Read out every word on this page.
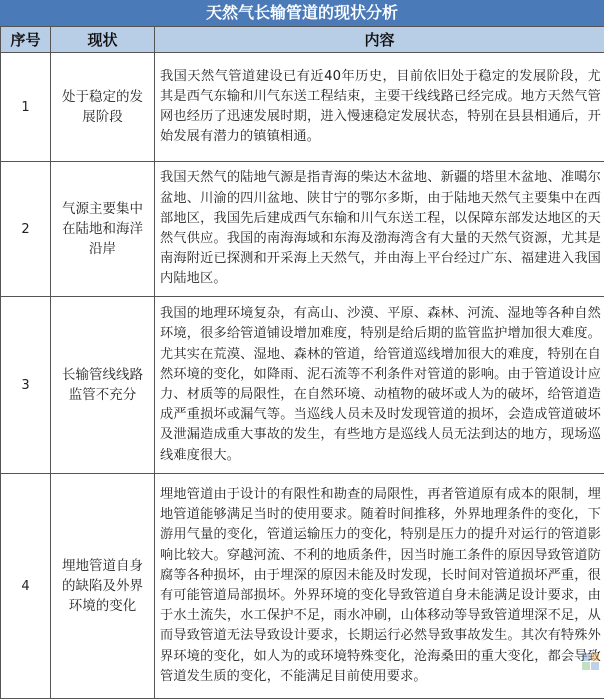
天然气长输管道的现状分析
序号	现状	内容
1	处于稳定的发展阶段	我国天然气管道建设已有近40年历史，目前依旧处于稳定的发展阶段，尤其是西气东输和川气东送工程结束，主要干线线路已经完成。地方天然气管网也经历了迅速发展时期，进入慢速稳定发展状态，特别在县县相通后，开始发展有潜力的镇镇相通。
2	气源主要集中在陆地和海洋沿岸	我国天然气的陆地气源是指青海的柴达木盆地、新疆的塔里木盆地、准噶尔盆地、川渝的四川盆地、陕甘宁的鄂尔多斯，由于陆地天然气主要集中在西部地区，我国先后建成西气东输和川气东送工程，以保障东部发达地区的天然气供应。我国的南海海域和东海及渤海湾含有大量的天然气资源，尤其是南海附近已探测和开采海上天然气，并由海上平台经过广东、福建进入我国内陆地区。
3	长输管线线路监管不充分	我国的地理环境复杂，有高山、沙漠、平原、森林、河流、湿地等各种自然环境，很多给管道铺设增加难度，特别是给后期的监管监护增加很大难度。尤其实在荒漠、湿地、森林的管道，给管道巡线增加很大的难度，特别在自然环境的变化，如降雨、泥石流等不利条件对管道的影响。由于管道设计应力、材质等的局限性，在自然环境、动植物的破坏或人为的破坏，给管道造成严重损坏或漏气等。当巡线人员未及时发现管道的损坏，会造成管道破坏及泄漏造成重大事故的发生，有些地方是巡线人员无法到达的地方，现场巡线难度很大。
4	埋地管道自身的缺陷及外界环境的变化	埋地管道由于设计的有限性和勘查的局限性，再者管道原有成本的限制，埋地管道能够满足当时的使用要求。随着时间推移，外界地理条件的变化，下游用气量的变化，管道运输压力的变化，特别是压力的提升对运行的管道影响比较大。穿越河流、不利的地质条件，因当时施工条件的原因导致管道防腐等各种损坏，由于埋深的原因未能及时发现，长时间对管道损坏严重，很有可能管道局部损坏。外界环境的变化导致管道自身未能满足设计要求，由于水土流失，水工保护不足，雨水冲刷，山体移动等导致管道埋深不足，从而导致管道无法导致设计要求，长期运行必然导致事故发生。其次有特殊外界环境的变化，如人为的或环境特殊变化，沧海桑田的重大变化，都会导致管道发生质的变化，不能满足目前使用要求。
